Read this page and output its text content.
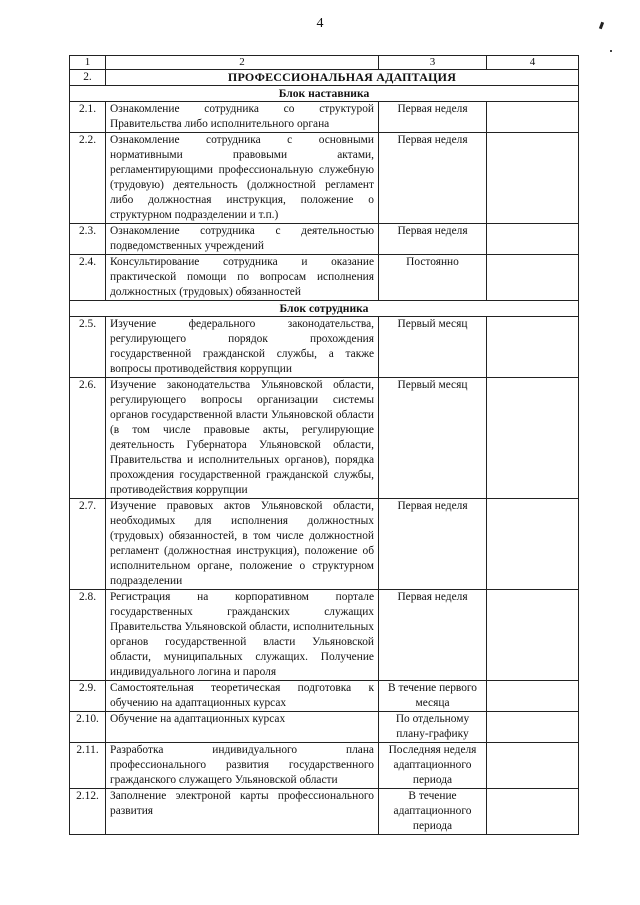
4
1	2	3	4
2.	ПРОФЕССИОНАЛЬНАЯ АДАПТАЦИЯ		
Блок наставника			
2.1.	Ознакомление сотрудника со структурой Правительства либо исполнительного органа	Первая неделя	
2.2.	Ознакомление сотрудника с основными нормативными правовыми актами, регламентирующими профессиональную служебную (трудовую) деятельность (должностной регламент либо должностная инструкция, положение о структурном подразделении и т.п.)	Первая неделя	
2.3.	Ознакомление сотрудника с деятельностью подведомственных учреждений	Первая неделя	
2.4.	Консультирование сотрудника и оказание практической помощи по вопросам исполнения должностных (трудовых) обязанностей	Постоянно	
Блок сотрудника			
2.5.	Изучение федерального законодательства, регулирующего порядок прохождения государственной гражданской службы, а также вопросы противодействия коррупции	Первый месяц	
2.6.	Изучение законодательства Ульяновской области, регулирующего вопросы организации системы органов государственной власти Ульяновской области (в том числе правовые акты, регулирующие деятельность Губернатора Ульяновской области, Правительства и исполнительных органов), порядка прохождения государственной гражданской службы, противодействия коррупции	Первый месяц	
2.7.	Изучение правовых актов Ульяновской области, необходимых для исполнения должностных (трудовых) обязанностей, в том числе должностной регламент (должностная инструкция), положение об исполнительном органе, положение о структурном подразделении	Первая неделя	
2.8.	Регистрация на корпоративном портале государственных гражданских служащих Правительства Ульяновской области, исполнительных органов государственной власти Ульяновской области, муниципальных служащих. Получение индивидуального логина и пароля	Первая неделя	
2.9.	Самостоятельная теоретическая подготовка к обучению на адаптационных курсах	В течение первого месяца	
2.10.	Обучение на адаптационных курсах	По отдельному плану-графику	
2.11.	Разработка индивидуального плана профессионального развития государственного гражданского служащего Ульяновской области	Последняя неделя адаптационного периода	
2.12.	Заполнение электроной карты профессионального развития	В течение адаптационного периода	
